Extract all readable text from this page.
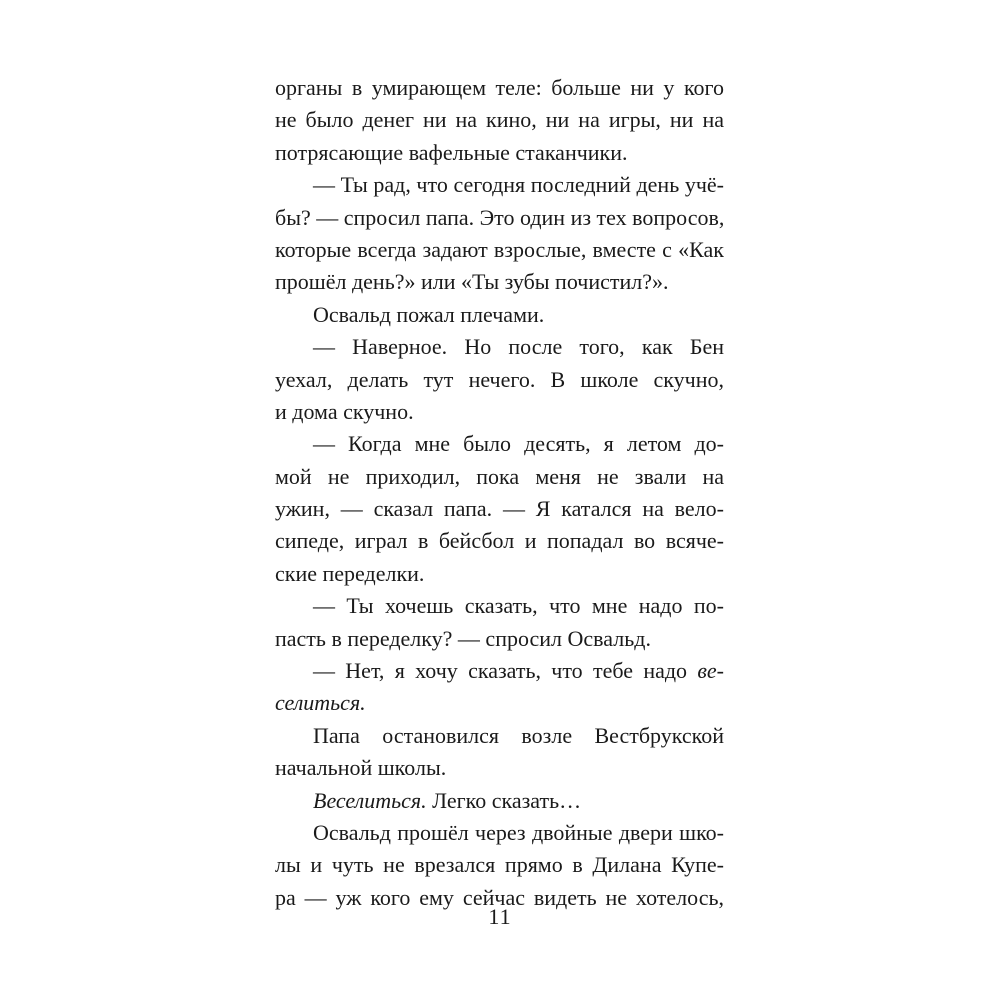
органы в умирающем теле: больше ни у кого
не было денег ни на кино, ни на игры, ни на
потрясающие вафельные стаканчики.
— Ты рад, что сегодня последний день учё-
бы? — спросил папа. Это один из тех вопросов,
которые всегда задают взрослые, вместе с «Как
прошёл день?» или «Ты зубы почистил?».
Освальд пожал плечами.
— Наверное. Но после того, как Бен
уехал, делать тут нечего. В школе скучно,
и дома скучно.
— Когда мне было десять, я летом до-
мой не приходил, пока меня не звали на
ужин, — сказал папа. — Я катался на вело-
сипеде, играл в бейсбол и попадал во всяче-
ские переделки.
— Ты хочешь сказать, что мне надо по-
пасть в переделку? — спросил Освальд.
— Нет, я хочу сказать, что тебе надо ве-
селиться.
Папа остановился возле Вестбрукской
начальной школы.
Веселиться. Легко сказать…
Освальд прошёл через двойные двери шко-
лы и чуть не врезался прямо в Дилана Купе-
ра — уж кого ему сейчас видеть не хотелось,
11
